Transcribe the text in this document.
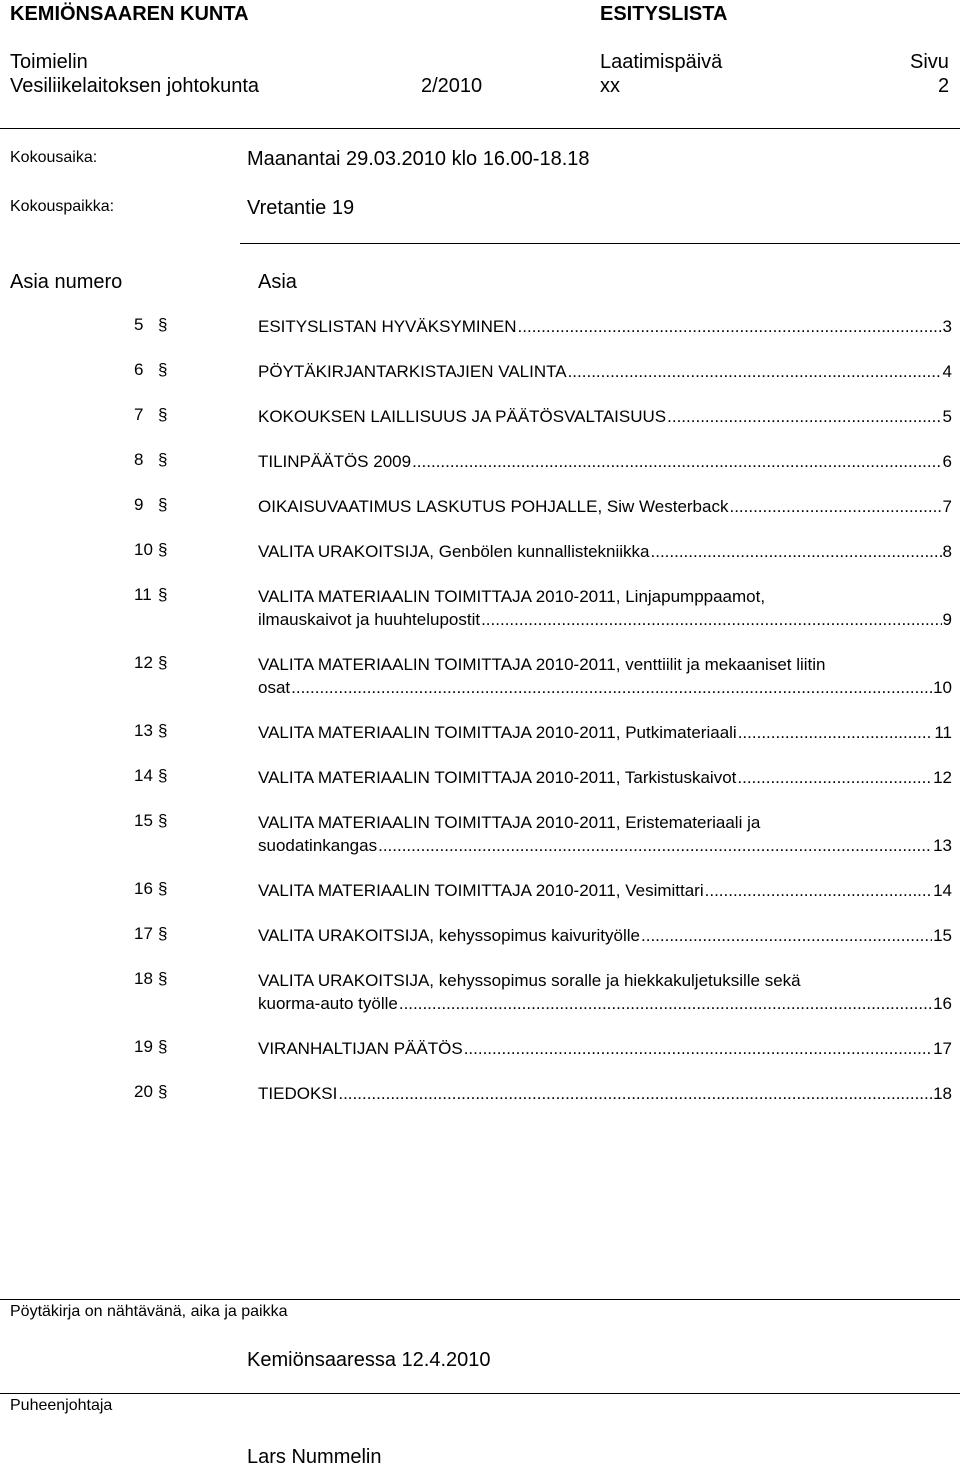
KEMIÖNSAAREN KUNTA	ESITYSLISTA
Toimielin	Laatimispäivä	Sivu
Vesiliikelaitoksen johtokunta	2/2010	xx	2
Kokousaika:	Maanantai 29.03.2010 klo 16.00-18.18
Kokouspaikka:	Vretantie 19
Asia numero	Asia
5 §	ESITYSLISTAN HYVÄKSYMINEN .....	3
6 §	PÖYTÄKIRJANTARKISTAJIEN VALINTA .....	4
7 §	KOKOUKSEN LAILLISUUS JA PÄÄTÖSVALTAISUUS .....	5
8 §	TILINPÄÄTÖS 2009 .....	6
9 §	OIKAISUVAATIMUS LASKUTUS POHJALLE, Siw Westerback .....	7
10 §	VALITA URAKOITSIJA, Genbölen kunnallistekniikka .....	8
11 §	VALITA MATERIAALIN TOIMITTAJA 2010-2011, Linjapumppaamot,
ilmauskaivot ja huuhtelupostit .....	9
12 §	VALITA MATERIAALIN TOIMITTAJA 2010-2011, venttiilit ja mekaaniset liitin
osat .....	10
13 §	VALITA MATERIAALIN TOIMITTAJA 2010-2011, Putkimateriaali .....	11
14 §	VALITA MATERIAALIN TOIMITTAJA 2010-2011, Tarkistuskaivot .....	12
15 §	VALITA MATERIAALIN TOIMITTAJA 2010-2011, Eristemateriaali ja
suodatinkangas .....	13
16 §	VALITA MATERIAALIN TOIMITTAJA 2010-2011, Vesimittari .....	14
17 §	VALITA URAKOITSIJA, kehyssopimus kaivurityölle .....	15
18 §	VALITA URAKOITSIJA, kehyssopimus soralle ja hiekkakuljetuksille sekä
kuorma-auto työlle .....	16
19 §	VIRANHALTIJAN PÄÄTÖS .....	17
20 §	TIEDOKSI .....	18
Pöytäkirja on nähtävänä, aika ja paikka
Kemiönsaaressa 12.4.2010
Puheenjohtaja
Lars Nummelin
